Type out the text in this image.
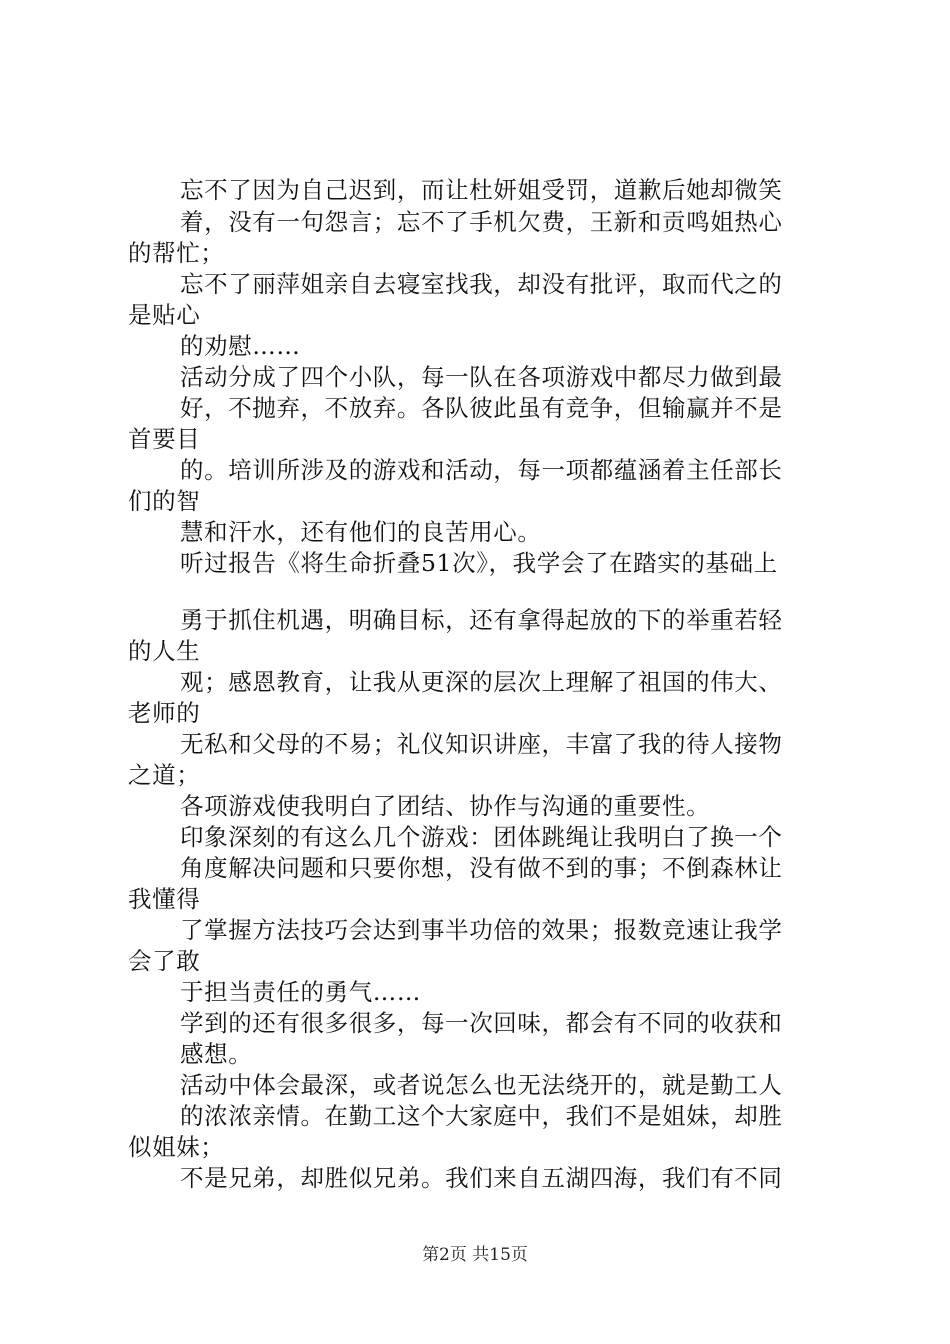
忘不了因为自己迟到，而让杜妍姐受罚，道歉后她却微笑
着，没有一句怨言；忘不了手机欠费，王新和贡鸣姐热心
的帮忙；
忘不了丽萍姐亲自去寝室找我，却没有批评，取而代之的
是贴心
的劝慰……
活动分成了四个小队，每一队在各项游戏中都尽力做到最
好，不抛弃，不放弃。各队彼此虽有竞争，但输赢并不是
首要目
的。培训所涉及的游戏和活动，每一项都蕴涵着主任部长
们的智
慧和汗水，还有他们的良苦用心。
听过报告《将生命折叠51次》，我学会了在踏实的基础上
勇于抓住机遇，明确目标，还有拿得起放的下的举重若轻
的人生
观；感恩教育，让我从更深的层次上理解了祖国的伟大、
老师的
无私和父母的不易；礼仪知识讲座，丰富了我的待人接物
之道；
各项游戏使我明白了团结、协作与沟通的重要性。
印象深刻的有这么几个游戏：团体跳绳让我明白了换一个
角度解决问题和只要你想，没有做不到的事；不倒森林让
我懂得
了掌握方法技巧会达到事半功倍的效果；报数竞速让我学
会了敢
于担当责任的勇气……
学到的还有很多很多，每一次回味，都会有不同的收获和
感想。
活动中体会最深，或者说怎么也无法绕开的，就是勤工人
的浓浓亲情。在勤工这个大家庭中，我们不是姐妹，却胜
似姐妹；
不是兄弟，却胜似兄弟。我们来自五湖四海，我们有不同
第2页 共15页
